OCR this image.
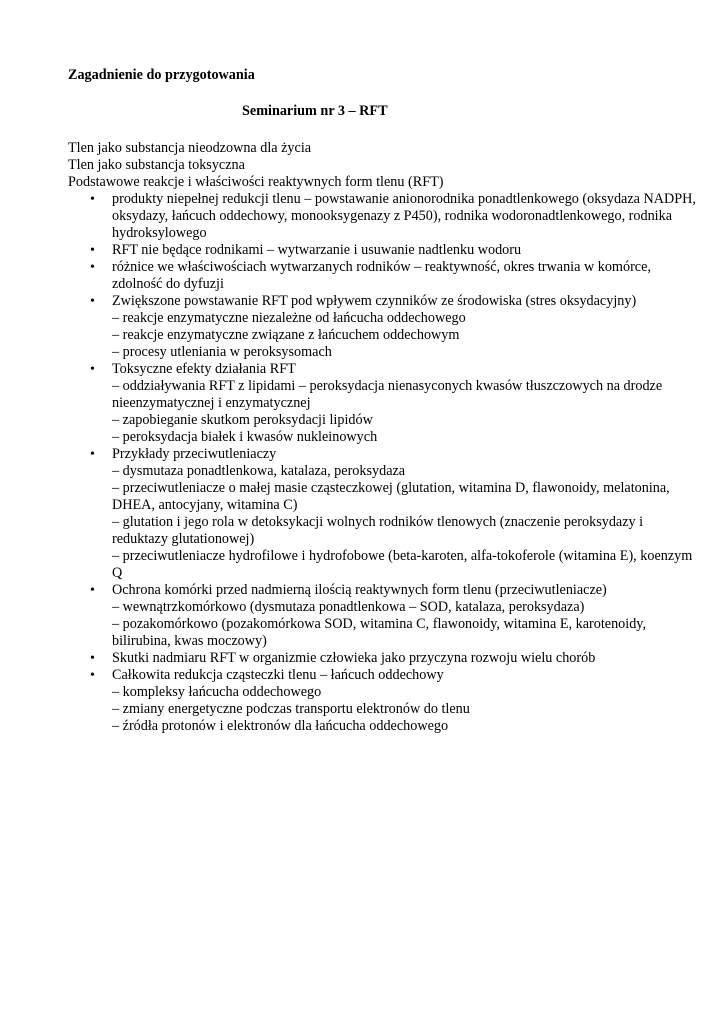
Zagadnienie do przygotowania

Seminarium nr 3 – RFT

Tlen jako substancja nieodzowna dla życia
Tlen jako substancja toksyczna
Podstawowe reakcje i właściwości reaktywnych form tlenu (RFT)
• produkty niepełnej redukcji tlenu – powstawanie anionorodnika ponadtlenkowego (oksydaza NADPH, oksydazy, łańcuch oddechowy, monooksygenazy z P450), rodnika wodoronadtlenkowego, rodnika hydroksylowego
• RFT nie będące rodnikami – wytwarzanie i usuwanie nadtlenku wodoru
• różnice we właściwościach wytwarzanych rodników – reaktywność, okres trwania w komórce, zdolność do dyfuzji
• Zwiększone powstawanie RFT pod wpływem czynników ze środowiska (stres oksydacyjny)
– reakcje enzymatyczne niezależne od łańcucha oddechowego
– reakcje enzymatyczne związane z łańcuchem oddechowym
– procesy utleniania w peroksysomach
• Toksyczne efekty działania RFT
– oddziaływania RFT z lipidami – peroksydacja nienasyconych kwasów tłuszczowych na drodze nieenzymatycznej i enzymatycznej
– zapobieganie skutkom peroksydacji lipidów
– peroksydacja białek i kwasów nukleinowych
• Przykłady przeciwutleniaczy
– dysmutaza ponadtlenkowa, katalaza, peroksydaza
– przeciwutleniacze o małej masie cząsteczkowej (glutation, witamina D, flawonoidy, melatonina, DHEA, antocyjany, witamina C)
– glutation i jego rola w detoksykacji wolnych rodników tlenowych (znaczenie peroksydazy i reduktazy glutationowej)
– przeciwutleniacze hydrofilowe i hydrofobowe (beta-karoten, alfa-tokoferole (witamina E), koenzym Q
• Ochrona komórki przed nadmierną ilością reaktywnych form tlenu (przeciwutleniacze)
– wewnątrzkomórkowo (dysmutaza ponadtlenkowa – SOD, katalaza, peroksydaza)
– pozakomórkowo (pozakomórkowa SOD, witamina C, flawonoidy, witamina E, karotenoidy, bilirubina, kwas moczowy)
• Skutki nadmiaru RFT w organizmie człowieka jako przyczyna rozwoju wielu chorób
• Całkowita redukcja cząsteczki tlenu – łańcuch oddechowy
– kompleksy łańcucha oddechowego
– zmiany energetyczne podczas transportu elektronów do tlenu
– źródła protonów i elektronów dla łańcucha oddechowego
